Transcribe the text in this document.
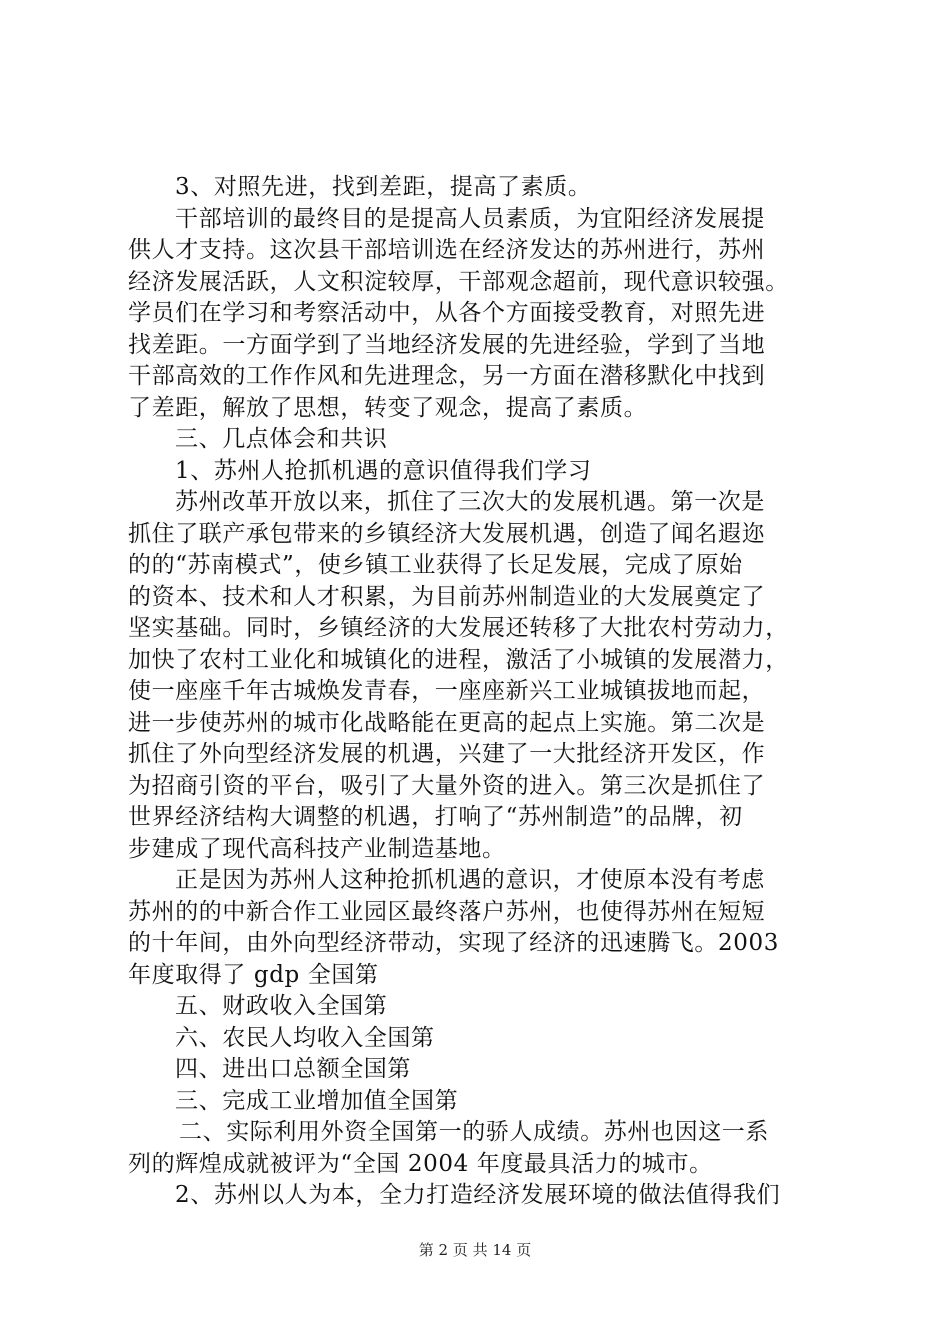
3、对照先进，找到差距，提高了素质。
干部培训的最终目的是提高人员素质，为宜阳经济发展提
供人才支持。这次县干部培训选在经济发达的苏州进行，苏州
经济发展活跃，人文积淀较厚，干部观念超前，现代意识较强。
学员们在学习和考察活动中，从各个方面接受教育，对照先进
找差距。一方面学到了当地经济发展的先进经验，学到了当地
干部高效的工作作风和先进理念，另一方面在潜移默化中找到
了差距，解放了思想，转变了观念，提高了素质。
三、几点体会和共识
1、苏州人抢抓机遇的意识值得我们学习
苏州改革开放以来，抓住了三次大的发展机遇。第一次是
抓住了联产承包带来的乡镇经济大发展机遇，创造了闻名遐迩
的的“苏南模式”，使乡镇工业获得了长足发展，完成了原始
的资本、技术和人才积累，为目前苏州制造业的大发展奠定了
坚实基础。同时，乡镇经济的大发展还转移了大批农村劳动力，
加快了农村工业化和城镇化的进程，激活了小城镇的发展潜力，
使一座座千年古城焕发青春，一座座新兴工业城镇拔地而起，
进一步使苏州的城市化战略能在更高的起点上实施。第二次是
抓住了外向型经济发展的机遇，兴建了一大批经济开发区，作
为招商引资的平台，吸引了大量外资的进入。第三次是抓住了
世界经济结构大调整的机遇，打响了“苏州制造”的品牌，初
步建成了现代高科技产业制造基地。
正是因为苏州人这种抢抓机遇的意识，才使原本没有考虑
苏州的的中新合作工业园区最终落户苏州，也使得苏州在短短
的十年间，由外向型经济带动，实现了经济的迅速腾飞。2003
年度取得了 gdp 全国第
五、财政收入全国第
六、农民人均收入全国第
四、进出口总额全国第
三、完成工业增加值全国第
二、实际利用外资全国第一的骄人成绩。苏州也因这一系
列的辉煌成就被评为“全国 2004 年度最具活力的城市。
2、苏州以人为本，全力打造经济发展环境的做法值得我们
第 2 页 共 14 页
